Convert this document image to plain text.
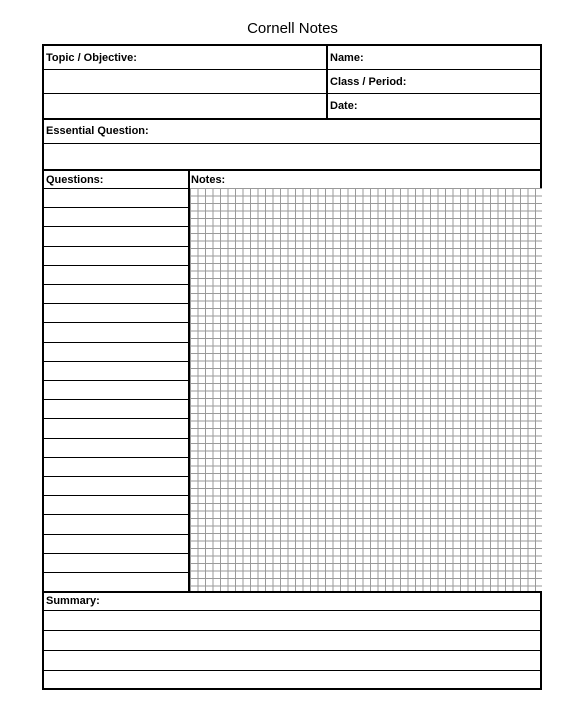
Cornell Notes
Topic / Objective:	Name:
Class / Period:
Date:
Essential Question:
Questions:	Notes:
Summary:
